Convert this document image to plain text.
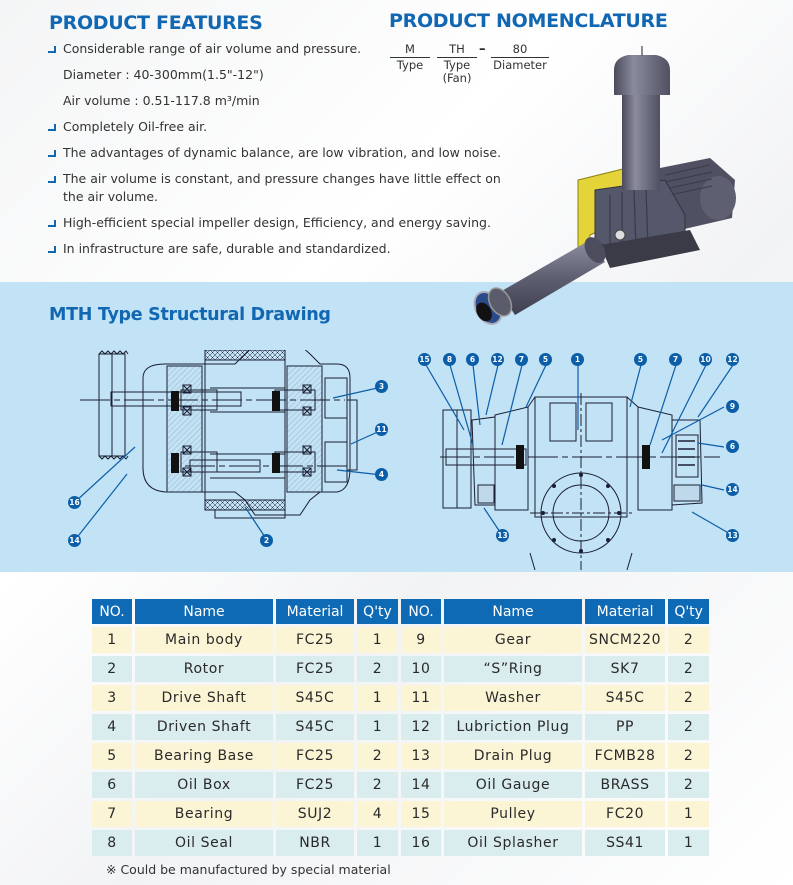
PRODUCT FEATURES
Considerable range of air volume and pressure.
Diameter : 40-300mm(1.5"-12")
Air volume : 0.51-117.8 m³/min
Completely Oil-free air.
The advantages of dynamic balance, are low vibration, and low noise.
The air volume is constant, and pressure changes have little effect on the air volume.
High-efficient special impeller design, Efficiency, and energy saving.
In infrastructure are safe, durable and standardized.
PRODUCT NOMENCLATURE
M
Type
TH
Type (Fan)
–	80
Diameter
MTH Type Structural Drawing
3
11
4
16
14	2
15	8	6	12	7	5	1	5	7	10 12
9
6
14
13	13
NO.	Name	Material	Q'ty	NO.	Name	Material	Q'ty
1	Main body	FC25	1	9	Gear	SNCM220	2
2	Rotor	FC25	2	10	“S”Ring	SK7	2
3	Drive Shaft	S45C	1	11	Washer	S45C	2
4	Driven Shaft	S45C	1	12	Lubriction Plug	PP	2
5	Bearing Base	FC25	2	13	Drain Plug	FCMB28	2
6	Oil Box	FC25	2	14	Oil Gauge	BRASS	2
7	Bearing	SUJ2	4	15	Pulley	FC20	1
8	Oil Seal	NBR	1	16	Oil Splasher	SS41	1
※ Could be manufactured by special material
